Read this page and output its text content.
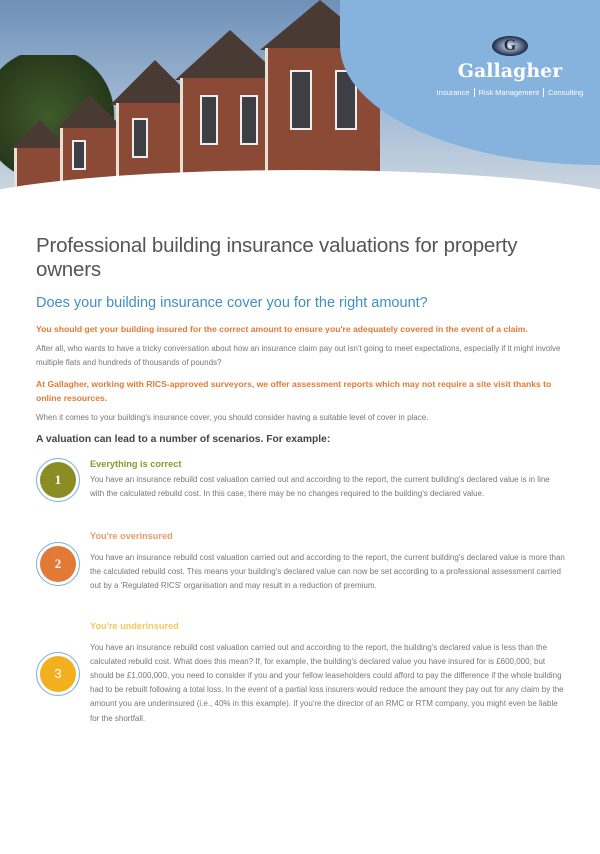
G
Gallagher
Insurance Risk Management Consulting
Professional building insurance valuations for property owners
Does your building insurance cover you for the right amount?

You should get your building insured for the correct amount to ensure you're adequately covered in the event of a claim.

After all, who wants to have a tricky conversation about how an insurance claim pay out isn't going to meet expectations, especially if it might involve multiple flats and hundreds of thousands of pounds?

At Gallagher, working with RICS-approved surveyors, we offer assessment reports which may not require a site visit thanks to online resources.

When it comes to your building's insurance cover, you should consider having a suitable level of cover in place.

A valuation can lead to a number of scenarios. For example:

1
Everything is correct
You have an insurance rebuild cost valuation carried out and according to the report, the current building's declared value is in line with the calculated rebuild cost. In this case, there may be no changes required to the building's declared value.
2
You're overinsured
You have an insurance rebuild cost valuation carried out and according to the report, the current building's declared value is more than the calculated rebuild cost. This means your building's declared value can now be set according to a professional assessment carried out by a 'Regulated RICS' organisation and may result in a reduction of premium.
3
You're underinsured
You have an insurance rebuild cost valuation carried out and according to the report, the building's declared value is less than the calculated rebuild cost. What does this mean? If, for example, the building's declared value you have insured for is £600,000, but should be £1,000,000, you need to consider if you and your fellow leaseholders could afford to pay the difference if the whole building had to be rebuilt following a total loss. In the event of a partial loss insurers would reduce the amount they pay out for any claim by the amount you are underinsured (i.e., 40% in this example). If you're the director of an RMC or RTM company, you might even be liable for the shortfall.
